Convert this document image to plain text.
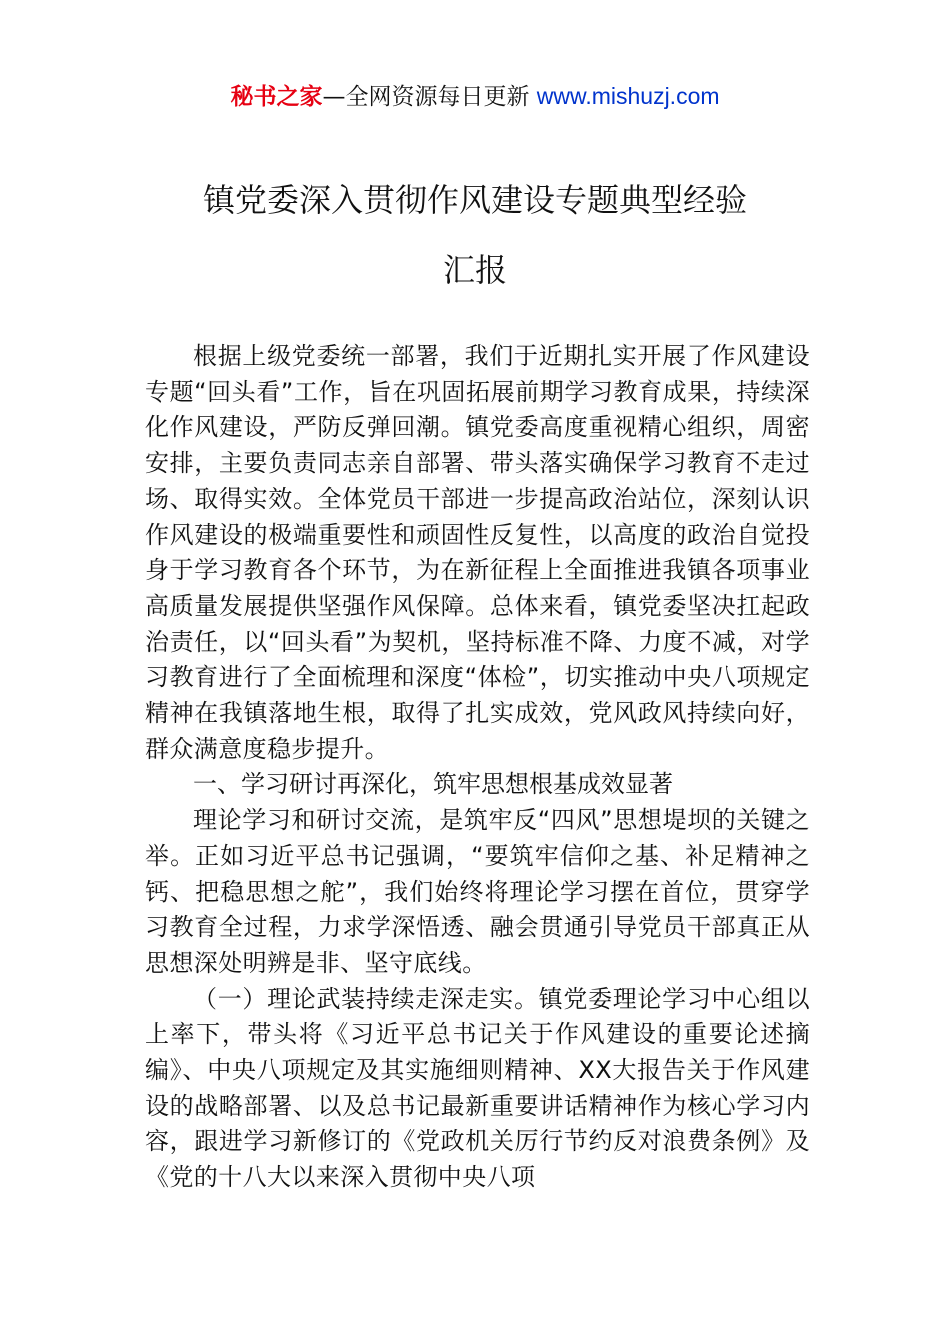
秘书之家—全网资源每日更新 www.mishuzj.com
镇党委深入贯彻作风建设专题典型经验
汇报

根据上级党委统一部署，我们于近期扎实开展了作风建设专题“回头看”工作，旨在巩固拓展前期学习教育成果，持续深化作风建设，严防反弹回潮。镇党委高度重视精心组织，周密安排，主要负责同志亲自部署、带头落实确保学习教育不走过场、取得实效。全体党员干部进一步提高政治站位，深刻认识作风建设的极端重要性和顽固性反复性，以高度的政治自觉投身于学习教育各个环节，为在新征程上全面推进我镇各项事业高质量发展提供坚强作风保障。总体来看，镇党委坚决扛起政治责任，以“回头看”为契机，坚持标准不降、力度不减，对学习教育进行了全面梳理和深度“体检”，切实推动中央八项规定精神在我镇落地生根，取得了扎实成效，党风政风持续向好，群众满意度稳步提升。

一、学习研讨再深化，筑牢思想根基成效显著

理论学习和研讨交流，是筑牢反“四风”思想堤坝的关键之举。正如习近平总书记强调，“要筑牢信仰之基、补足精神之钙、把稳思想之舵”，我们始终将理论学习摆在首位，贯穿学习教育全过程，力求学深悟透、融会贯通引导党员干部真正从思想深处明辨是非、坚守底线。

（一）理论武装持续走深走实。镇党委理论学习中心组以上率下，带头将《习近平总书记关于作风建设的重要论述摘编》、中央八项规定及其实施细则精神、XX大报告关于作风建设的战略部署、以及总书记最新重要讲话精神作为核心学习内容，跟进学习新修订的《党政机关厉行节约反对浪费条例》及《党的十八大以来深入贯彻中央八项
